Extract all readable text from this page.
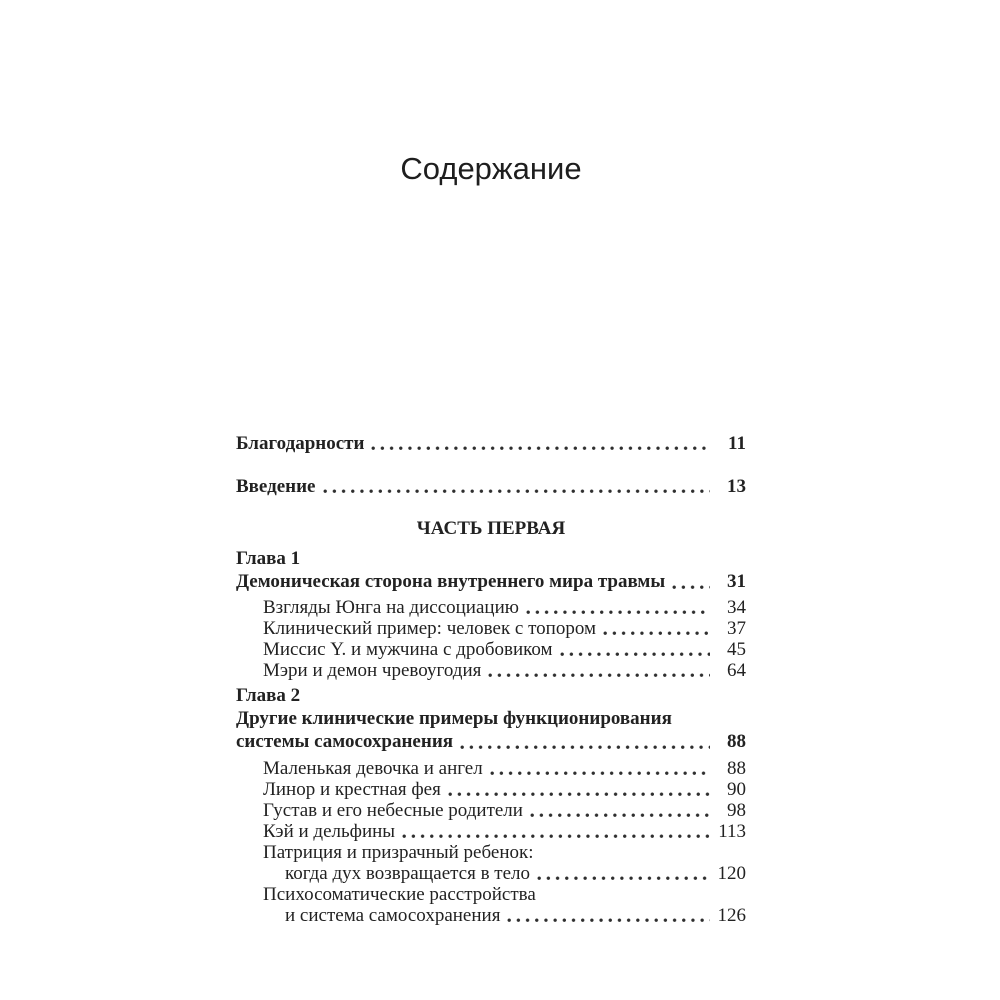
Содержание
Благодарности	11
Введение	13
ЧАСТЬ ПЕРВАЯ
Глава 1
Демоническая сторона внутреннего мира травмы	31
Взгляды Юнга на диссоциацию	34
Клинический пример: человек с топором	37
Миссис Y. и мужчина с дробовиком	45
Мэри и демон чревоугодия	64
Глава 2
Другие клинические примеры функционирования
системы самосохранения	88
Маленькая девочка и ангел	88
Линор и крестная фея	90
Густав и его небесные родители	98
Кэй и дельфины	113
Патриция и призрачный ребенок:
когда дух возвращается в тело	120
Психосоматические расстройства
и система самосохранения	126
